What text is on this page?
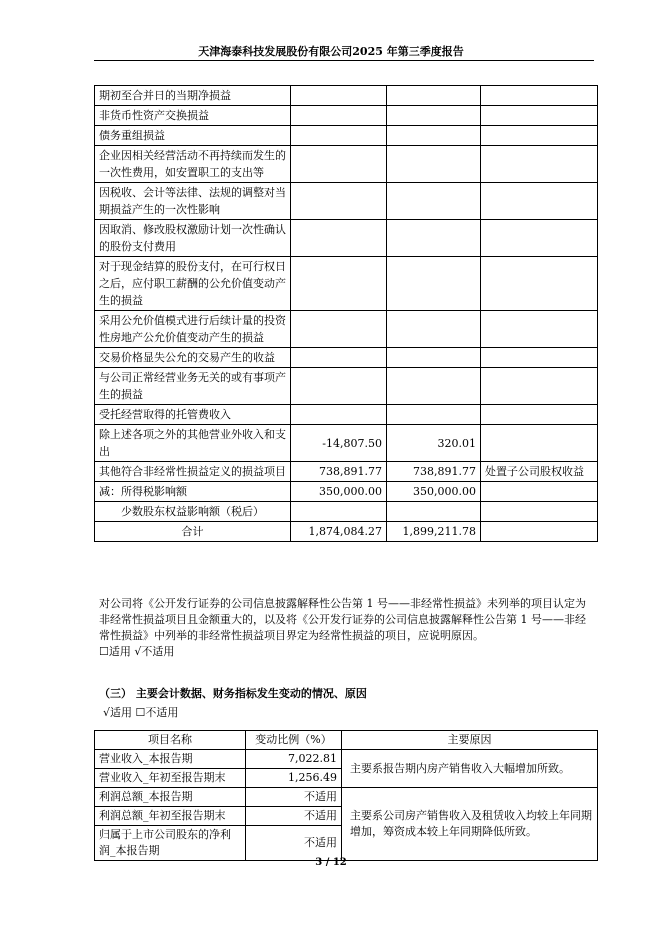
天津海泰科技发展股份有限公司2025 年第三季度报告
期初至合并日的当期净损益			
非货币性资产交换损益			
债务重组损益			
企业因相关经营活动不再持续而发生的一次性费用，如安置职工的支出等			
因税收、会计等法律、法规的调整对当期损益产生的一次性影响			
因取消、修改股权激励计划一次性确认的股份支付费用			
对于现金结算的股份支付，在可行权日之后，应付职工薪酬的公允价值变动产生的损益			
采用公允价值模式进行后续计量的投资性房地产公允价值变动产生的损益			
交易价格显失公允的交易产生的收益			
与公司正常经营业务无关的或有事项产生的损益			
受托经营取得的托管费收入			
除上述各项之外的其他营业外收入和支出	-14,807.50	320.01	
其他符合非经常性损益定义的损益项目	738,891.77	738,891.77	处置子公司股权收益
减：所得税影响额	350,000.00	350,000.00	
少数股东权益影响额（税后）			
合计	1,874,084.27	1,899,211.78	
对公司将《公开发行证券的公司信息披露解释性公告第 1 号——非经常性损益》未列举的项目认定为非经常性损益项目且金额重大的，以及将《公开发行证券的公司信息披露解释性公告第 1 号——非经常性损益》中列举的非经常性损益项目界定为经常性损益的项目，应说明原因。
☐适用 √不适用
（三） 主要会计数据、财务指标发生变动的情况、原因
√适用 ☐不适用
项目名称	变动比例（%）	主要原因
营业收入_本报告期	7,022.81	主要系报告期内房产销售收入大幅增加所致。
营业收入_年初至报告期末	1,256.49	
利润总额_本报告期	不适用	主要系公司房产销售收入及租赁收入均较上年同期增加，筹资成本较上年同期降低所致。
利润总额_年初至报告期末	不适用	
归属于上市公司股东的净利润_本报告期	不适用	
3 / 12
